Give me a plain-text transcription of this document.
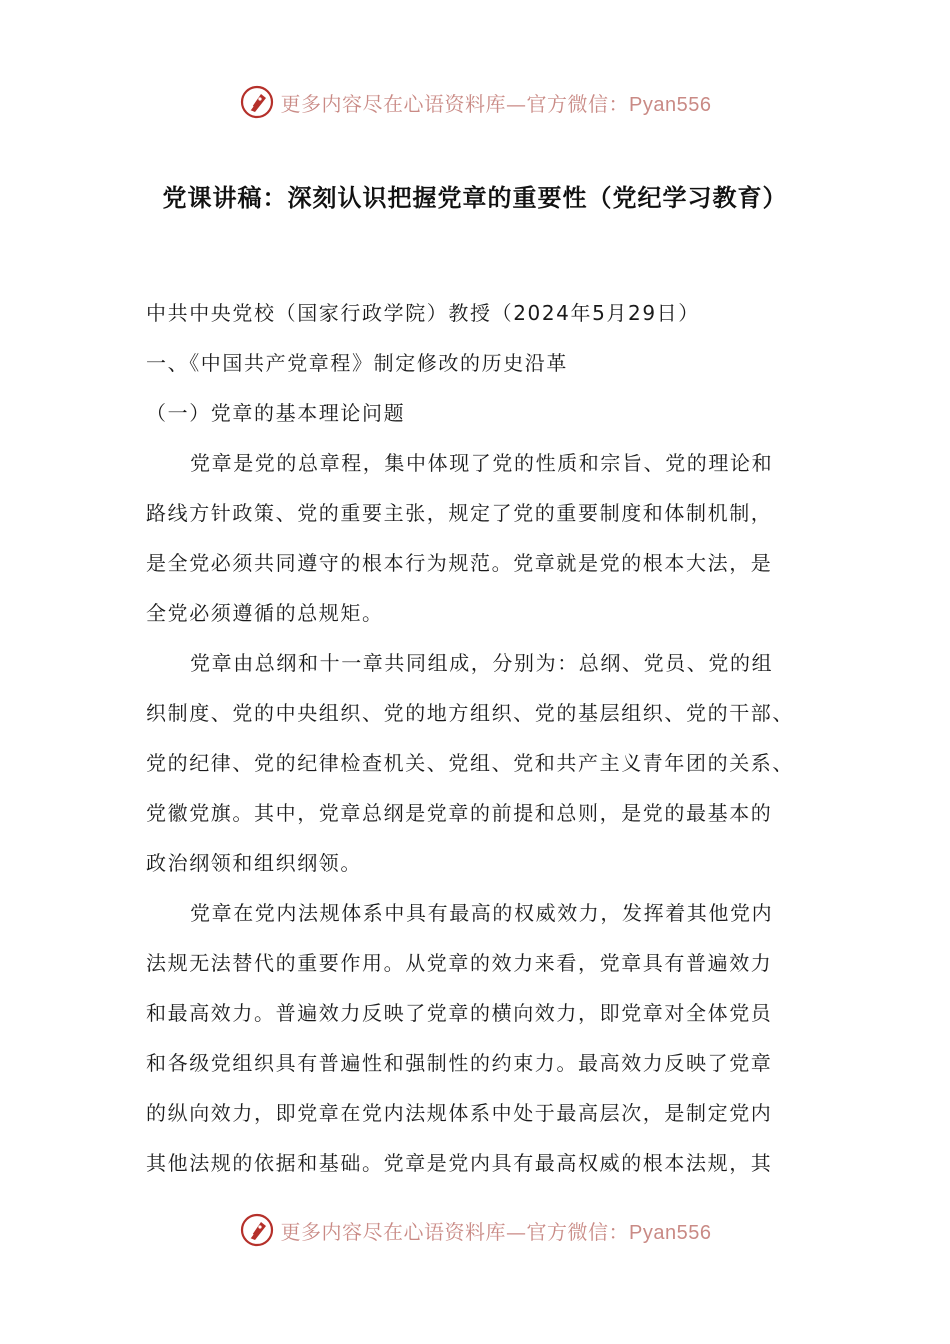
更多内容尽在心语资料库—官方微信：Pyan556
党课讲稿：深刻认识把握党章的重要性（党纪学习教育）
中共中央党校（国家行政学院）教授（2024年5月29日）
一、《中国共产党章程》制定修改的历史沿革
（一）党章的基本理论问题
党章是党的总章程，集中体现了党的性质和宗旨、党的理论和
路线方针政策、党的重要主张，规定了党的重要制度和体制机制，
是全党必须共同遵守的根本行为规范。党章就是党的根本大法，是
全党必须遵循的总规矩。
党章由总纲和十一章共同组成，分别为：总纲、党员、党的组
织制度、党的中央组织、党的地方组织、党的基层组织、党的干部、
党的纪律、党的纪律检查机关、党组、党和共产主义青年团的关系、
党徽党旗。其中，党章总纲是党章的前提和总则，是党的最基本的
政治纲领和组织纲领。
党章在党内法规体系中具有最高的权威效力，发挥着其他党内
法规无法替代的重要作用。从党章的效力来看，党章具有普遍效力
和最高效力。普遍效力反映了党章的横向效力，即党章对全体党员
和各级党组织具有普遍性和强制性的约束力。最高效力反映了党章
的纵向效力，即党章在党内法规体系中处于最高层次，是制定党内
其他法规的依据和基础。党章是党内具有最高权威的根本法规，其
更多内容尽在心语资料库—官方微信：Pyan556
